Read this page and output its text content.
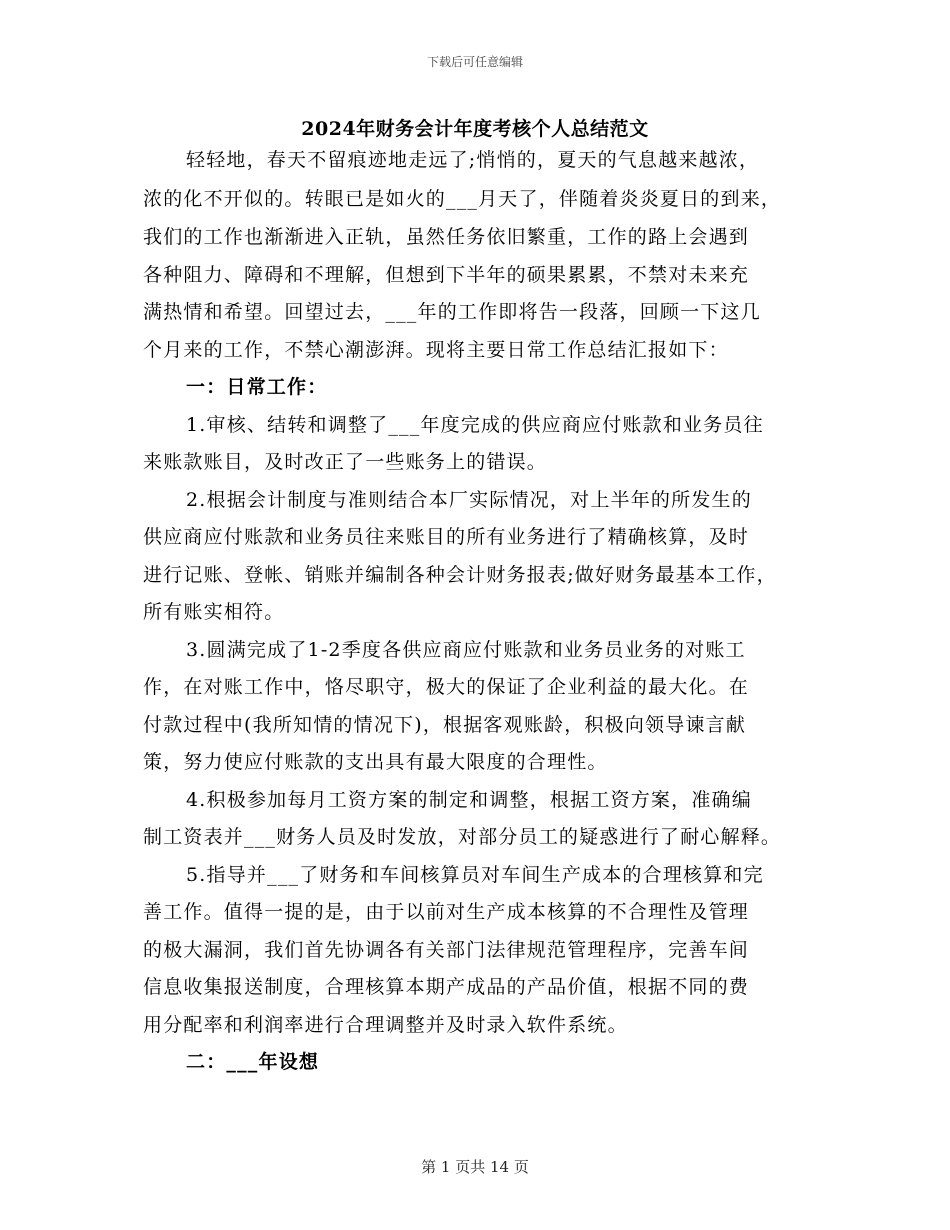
下载后可任意编辑
2024年财务会计年度考核个人总结范文
轻轻地，春天不留痕迹地走远了;悄悄的，夏天的气息越来越浓，
浓的化不开似的。转眼已是如火的___月天了，伴随着炎炎夏日的到来，
我们的工作也渐渐进入正轨，虽然任务依旧繁重，工作的路上会遇到
各种阻力、障碍和不理解，但想到下半年的硕果累累，不禁对未来充
满热情和希望。回望过去，___年的工作即将告一段落，回顾一下这几
个月来的工作，不禁心潮澎湃。现将主要日常工作总结汇报如下：
一：日常工作：
1.审核、结转和调整了___年度完成的供应商应付账款和业务员往
来账款账目，及时改正了一些账务上的错误。
2.根据会计制度与准则结合本厂实际情况，对上半年的所发生的
供应商应付账款和业务员往来账目的所有业务进行了精确核算，及时
进行记账、登帐、销账并编制各种会计财务报表;做好财务最基本工作，
所有账实相符。
3.圆满完成了1-2季度各供应商应付账款和业务员业务的对账工
作，在对账工作中，恪尽职守，极大的保证了企业利益的最大化。在
付款过程中(我所知情的情况下)，根据客观账龄，积极向领导谏言献
策，努力使应付账款的支出具有最大限度的合理性。
4.积极参加每月工资方案的制定和调整，根据工资方案，准确编
制工资表并___财务人员及时发放，对部分员工的疑惑进行了耐心解释。
5.指导并___了财务和车间核算员对车间生产成本的合理核算和完
善工作。值得一提的是，由于以前对生产成本核算的不合理性及管理
的极大漏洞，我们首先协调各有关部门法律规范管理程序，完善车间
信息收集报送制度，合理核算本期产成品的产品价值，根据不同的费
用分配率和利润率进行合理调整并及时录入软件系统。
二：___年设想
第 1 页共 14 页
